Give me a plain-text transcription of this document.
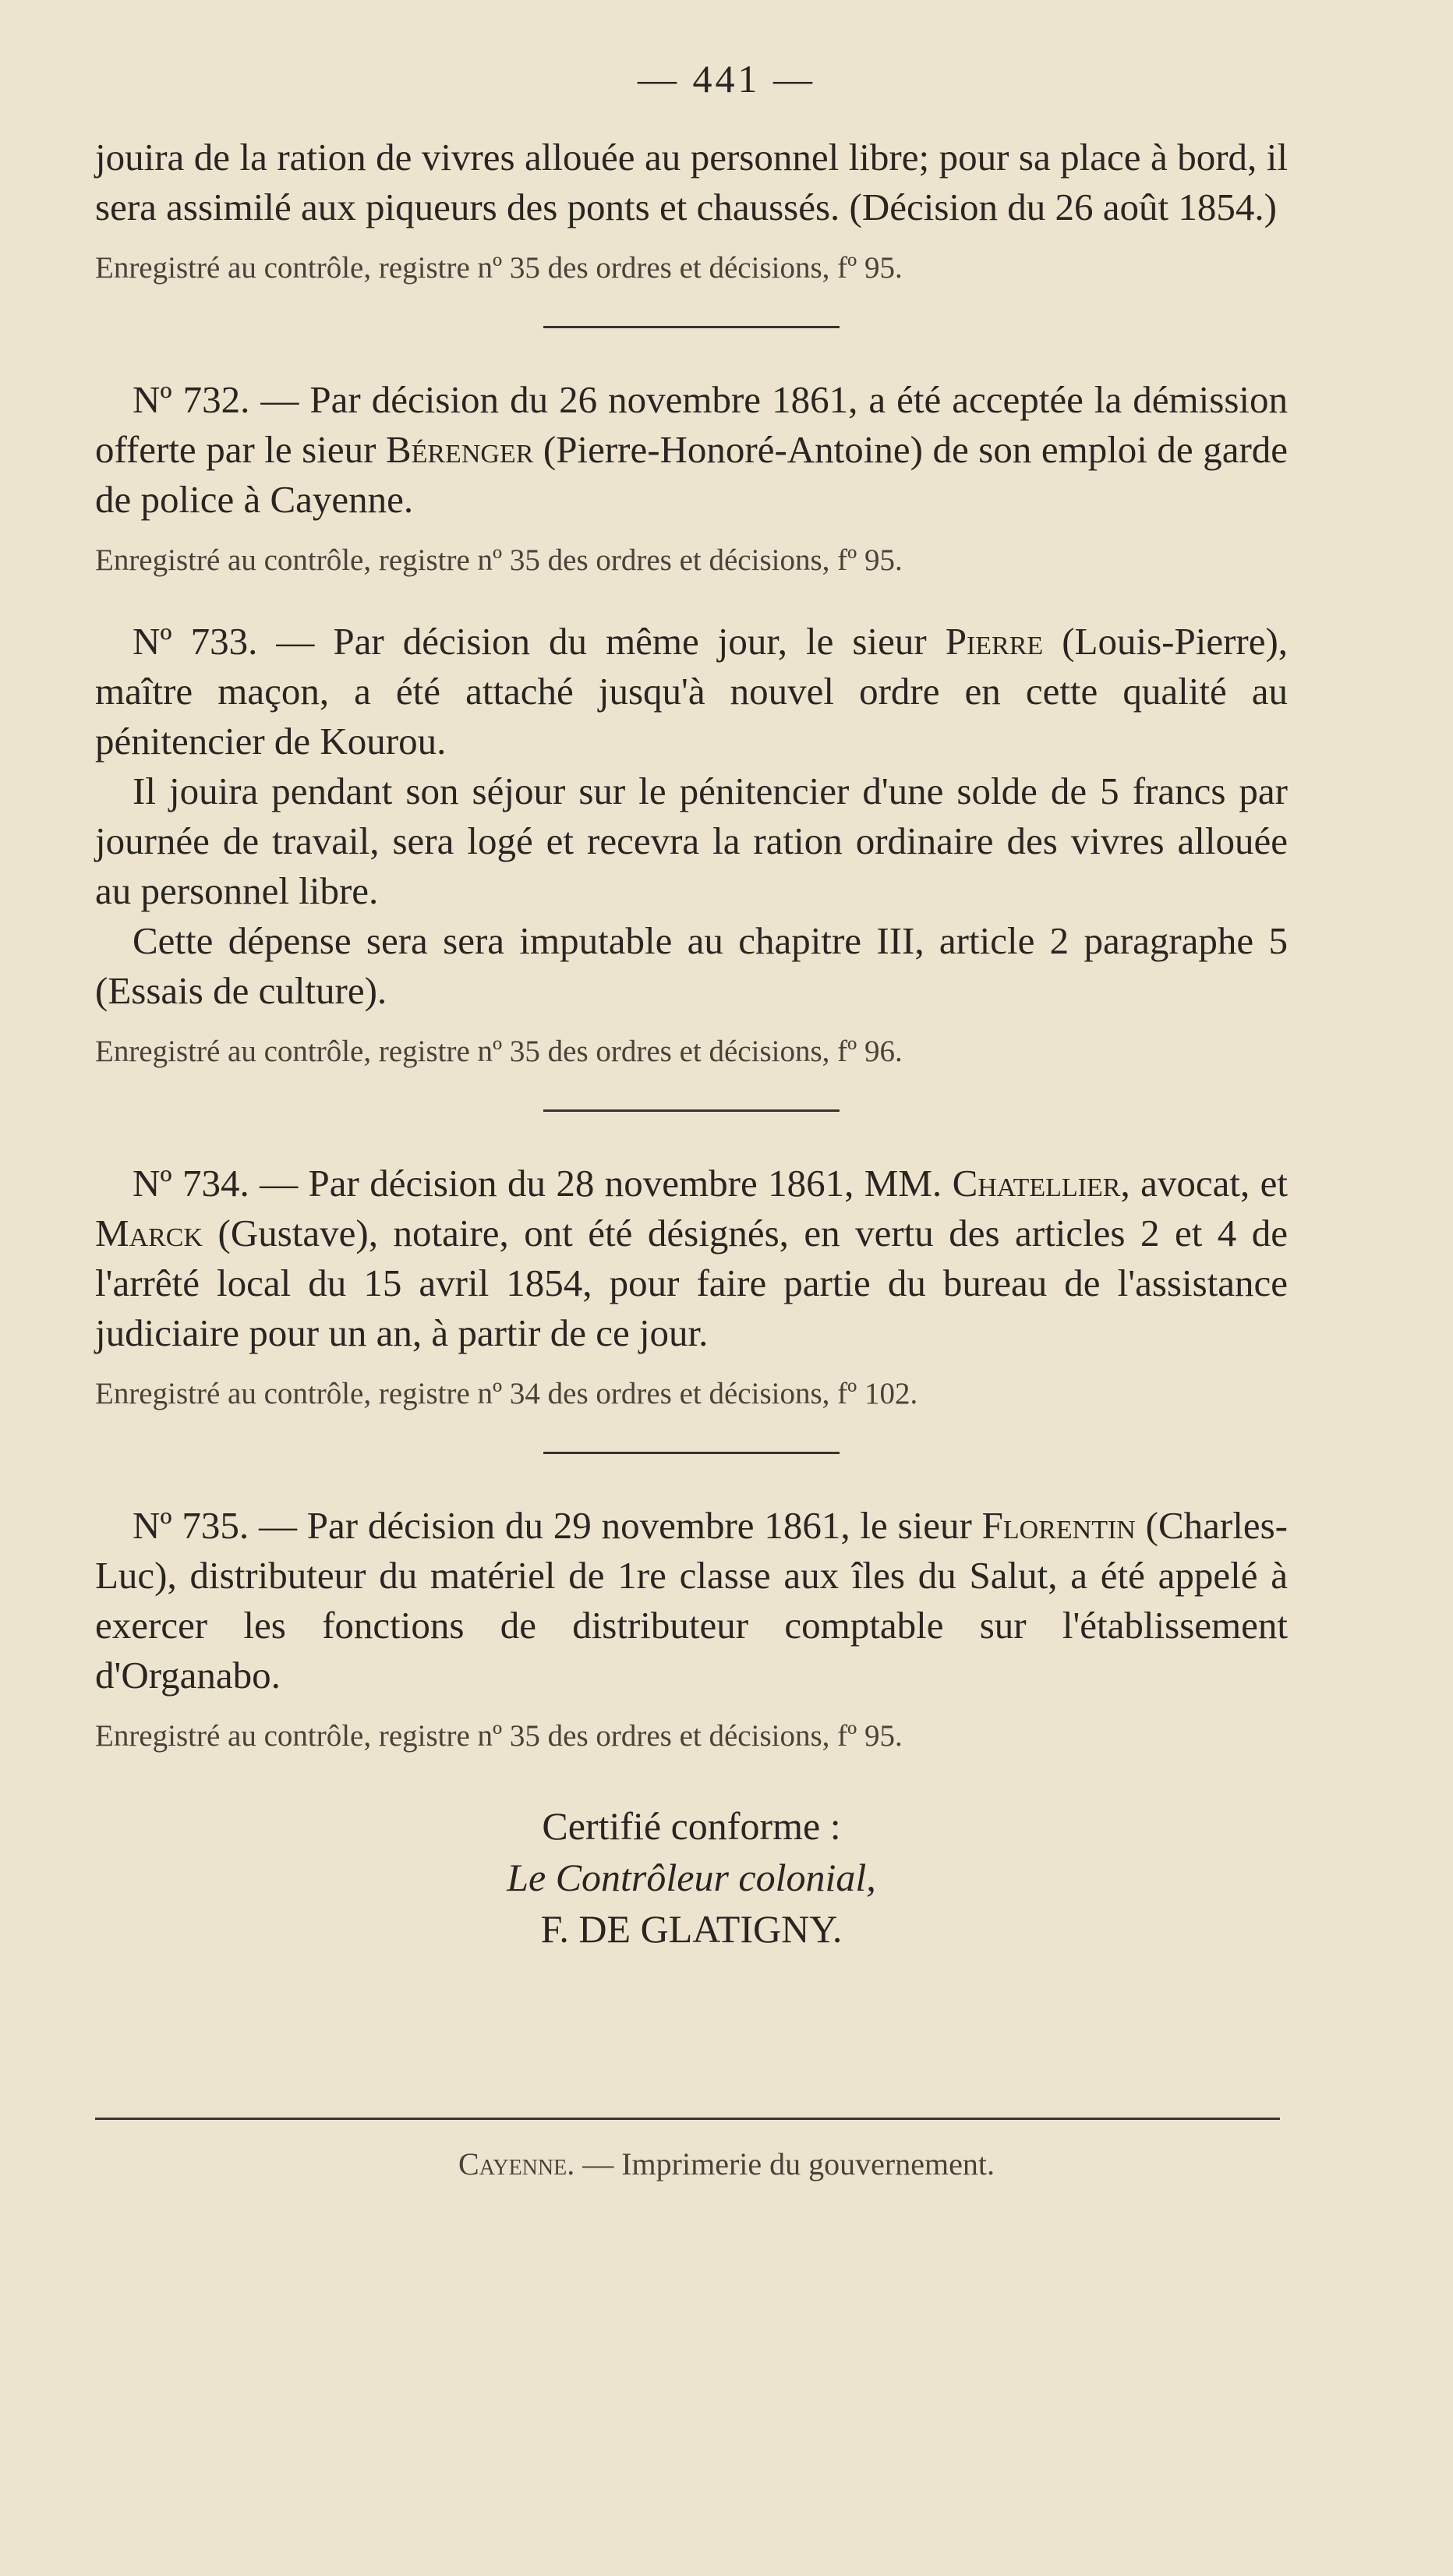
— 441 —

jouira de la ration de vivres allouée au personnel libre; pour sa place à bord, il sera assimilé aux piqueurs des ponts et chaussés. (Décision du 26 août 1854.)

Enregistré au contrôle, registre nº 35 des ordres et décisions, fº 95.

Nº 732. — Par décision du 26 novembre 1861, a été acceptée la démission offerte par le sieur Bérenger (Pierre-Honoré-Antoine) de son emploi de garde de police à Cayenne.

Enregistré au contrôle, registre nº 35 des ordres et décisions, fº 95.

Nº 733. — Par décision du même jour, le sieur Pierre (Louis-Pierre), maître maçon, a été attaché jusqu'à nouvel ordre en cette qualité au pénitencier de Kourou.

Il jouira pendant son séjour sur le pénitencier d'une solde de 5 francs par journée de travail, sera logé et recevra la ration ordinaire des vivres allouée au personnel libre.

Cette dépense sera sera imputable au chapitre III, article 2 paragraphe 5 (Essais de culture).

Enregistré au contrôle, registre nº 35 des ordres et décisions, fº 96.

Nº 734. — Par décision du 28 novembre 1861, MM. Chatellier, avocat, et Marck (Gustave), notaire, ont été désignés, en vertu des articles 2 et 4 de l'arrêté local du 15 avril 1854, pour faire partie du bureau de l'assistance judiciaire pour un an, à partir de ce jour.

Enregistré au contrôle, registre nº 34 des ordres et décisions, fº 102.

Nº 735. — Par décision du 29 novembre 1861, le sieur Florentin (Charles-Luc), distributeur du matériel de 1re classe aux îles du Salut, a été appelé à exercer les fonctions de distributeur comptable sur l'établissement d'Organabo.

Enregistré au contrôle, registre nº 35 des ordres et décisions, fº 95.

Certifié conforme :
Le Contrôleur colonial,
F. DE GLATIGNY.
Cayenne. — Imprimerie du gouvernement.
